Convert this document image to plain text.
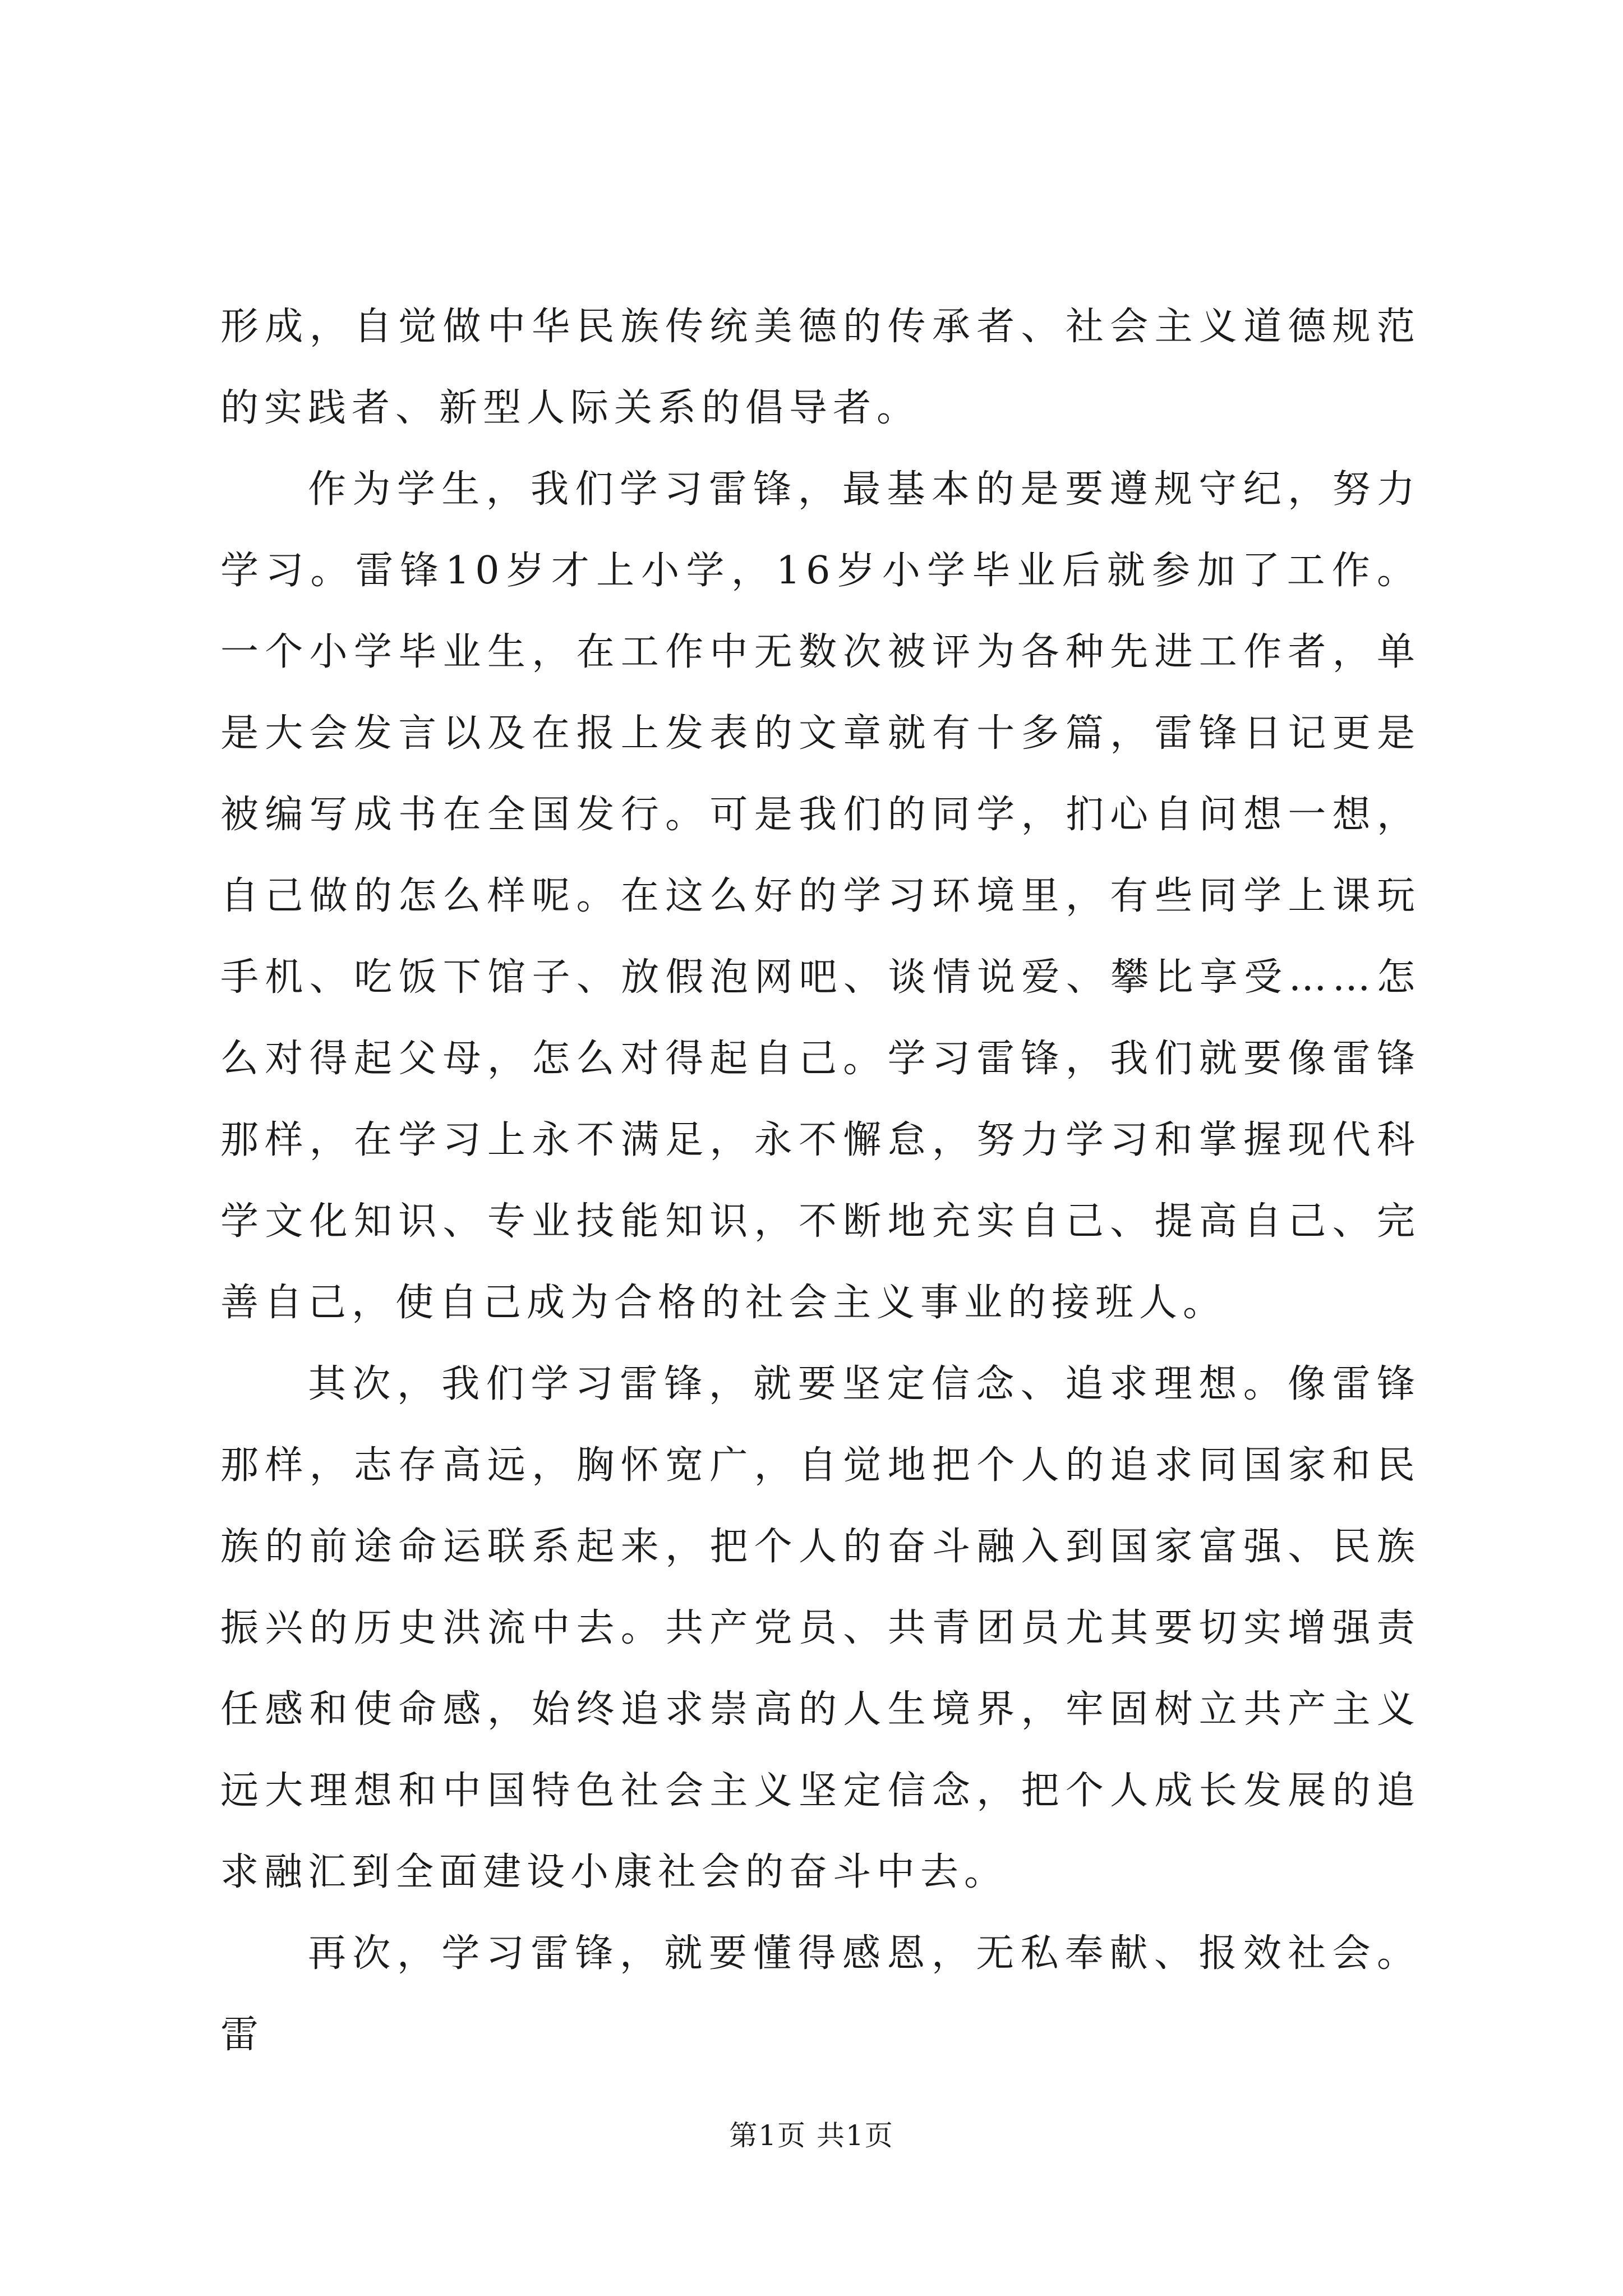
形成，自觉做中华民族传统美德的传承者、社会主义道德规范的实践者、新型人际关系的倡导者。

作为学生，我们学习雷锋，最基本的是要遵规守纪，努力学习。雷锋10岁才上小学，16岁小学毕业后就参加了工作。一个小学毕业生，在工作中无数次被评为各种先进工作者，单是大会发言以及在报上发表的文章就有十多篇，雷锋日记更是被编写成书在全国发行。可是我们的同学，扪心自问想一想，自己做的怎么样呢。在这么好的学习环境里，有些同学上课玩手机、吃饭下馆子、放假泡网吧、谈情说爱、攀比享受……怎么对得起父母，怎么对得起自己。学习雷锋，我们就要像雷锋那样，在学习上永不满足，永不懈怠，努力学习和掌握现代科学文化知识、专业技能知识，不断地充实自己、提高自己、完善自己，使自己成为合格的社会主义事业的接班人。

其次，我们学习雷锋，就要坚定信念、追求理想。像雷锋那样，志存高远，胸怀宽广，自觉地把个人的追求同国家和民族的前途命运联系起来，把个人的奋斗融入到国家富强、民族振兴的历史洪流中去。共产党员、共青团员尤其要切实增强责任感和使命感，始终追求崇高的人生境界，牢固树立共产主义远大理想和中国特色社会主义坚定信念，把个人成长发展的追求融汇到全面建设小康社会的奋斗中去。

再次，学习雷锋，就要懂得感恩，无私奉献、报效社会。雷

第1页 共1页
